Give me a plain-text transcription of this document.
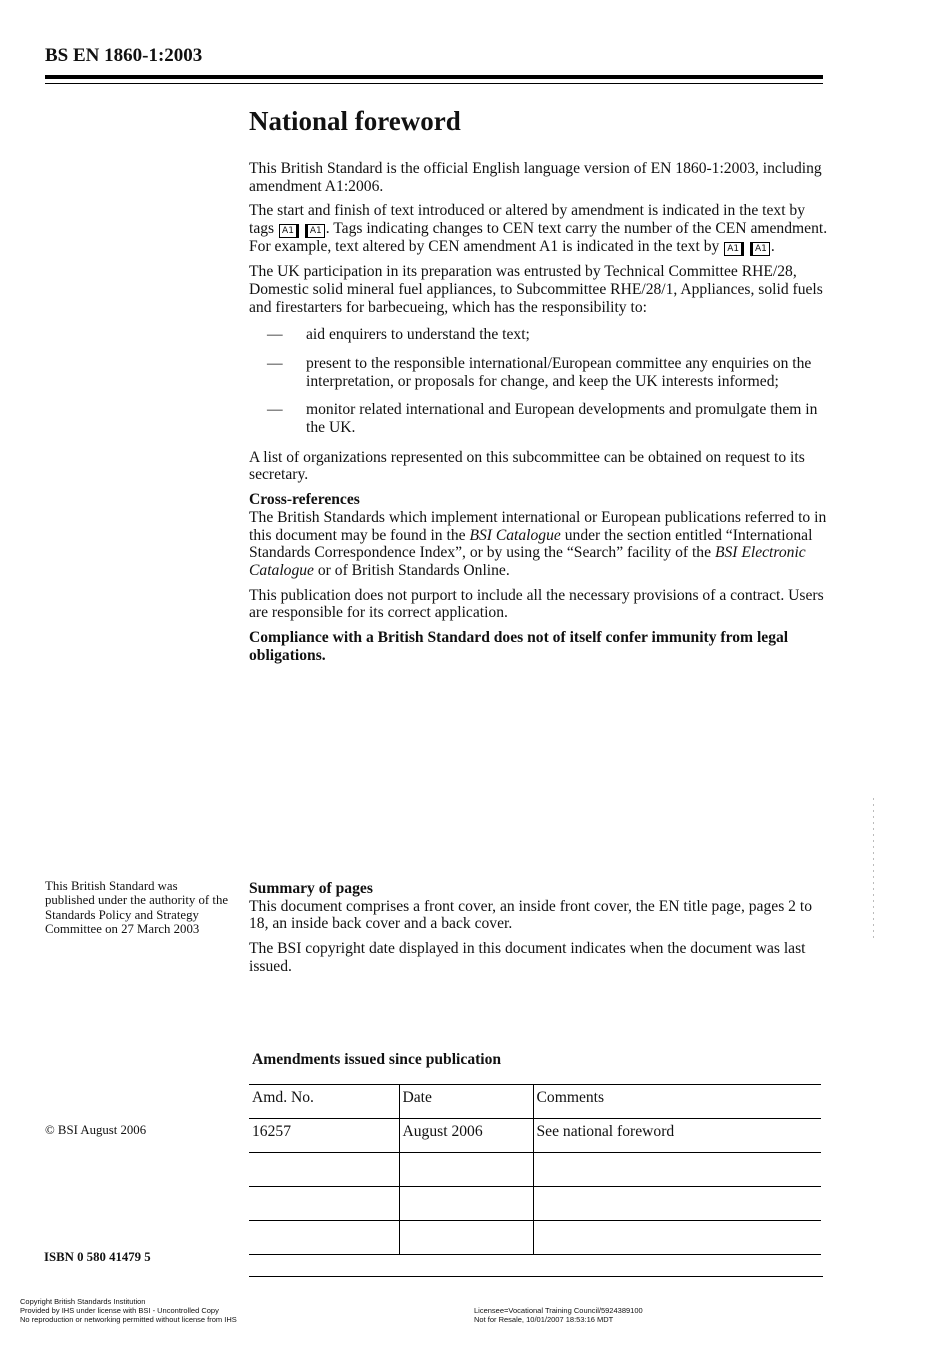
BS EN 1860-1:2003
National foreword

This British Standard is the official English language version of EN 1860-1:2003, including amendment A1:2006.

The start and finish of text introduced or altered by amendment is indicated in the text by tags A1 A1 . Tags indicating changes to CEN text carry the number of the CEN amendment. For example, text altered by CEN amendment A1 is indicated in the text by A1 A1 .

The UK participation in its preparation was entrusted by Technical Committee RHE/28, Domestic solid mineral fuel appliances, to Subcommittee RHE/28/1, Appliances, solid fuels and firestarters for barbecueing, which has the responsibility to:

— aid enquirers to understand the text;
— present to the responsible international/European committee any enquiries on the interpretation, or proposals for change, and keep the UK interests informed;
— monitor related international and European developments and promulgate them in the UK.

A list of organizations represented on this subcommittee can be obtained on request to its secretary.

Cross-references

The British Standards which implement international or European publications referred to in this document may be found in the BSI Catalogue under the section entitled “International Standards Correspondence Index”, or by using the “Search” facility of the BSI Electronic Catalogue or of British Standards Online.

This publication does not purport to include all the necessary provisions of a contract. Users are responsible for its correct application.

Compliance with a British Standard does not of itself confer immunity from legal obligations.

This British Standard was published under the authority of the Standards Policy and Strategy Committee on 27 March 2003

Summary of pages

This document comprises a front cover, an inside front cover, the EN title page, pages 2 to 18, an inside back cover and a back cover.

The BSI copyright date displayed in this document indicates when the document was last issued.

Amendments issued since publication
Amd. No.	Date	Comments
16257	August 2006	See national foreword

© BSI August 2006
ISBN 0 580 41479 5
Copyright British Standards Institution
Provided by IHS under license with BSI - Uncontrolled Copy
No reproduction or networking permitted without license from IHS
Licensee=Vocational Training Council/5924389100
Not for Resale, 10/01/2007 18:53:16 MDT
